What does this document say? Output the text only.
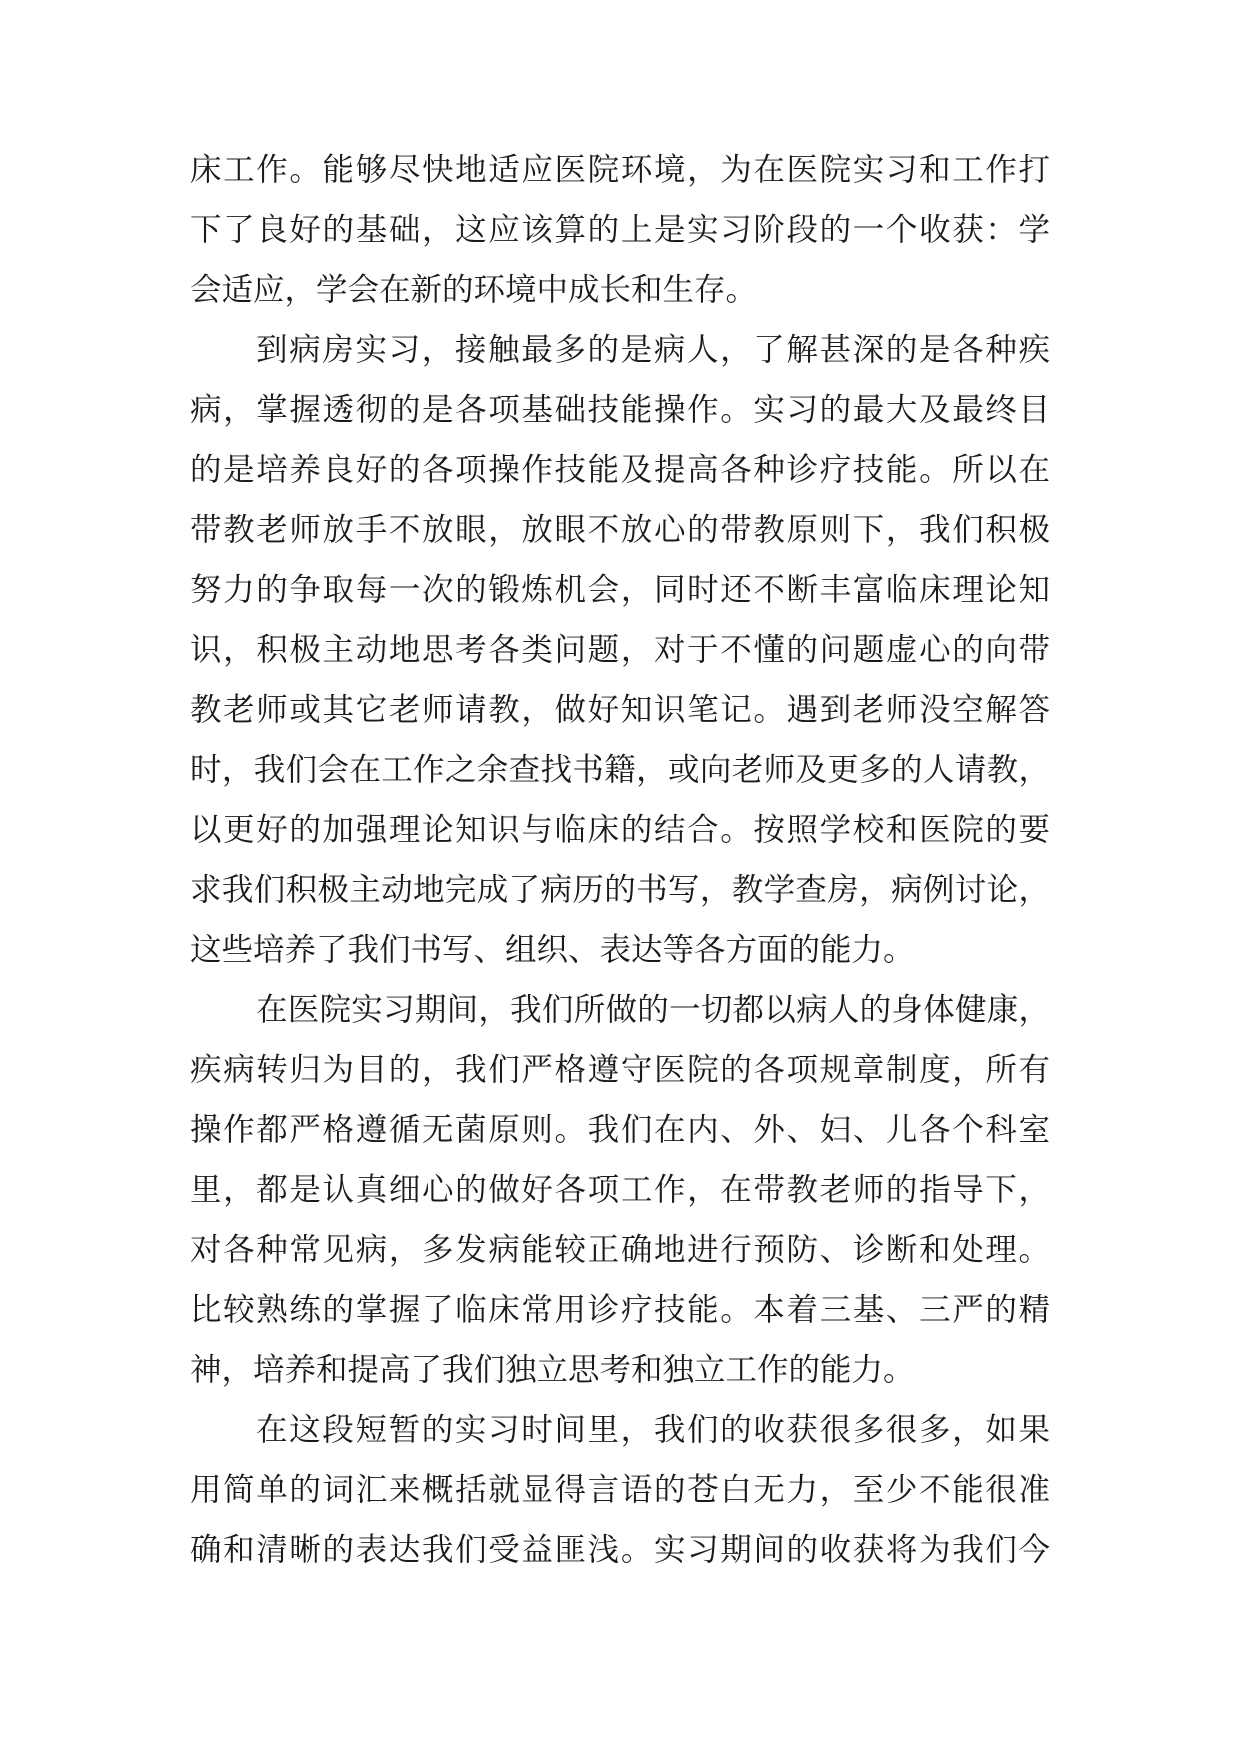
床工作。能够尽快地适应医院环境，为在医院实习和工作打
下了良好的基础，这应该算的上是实习阶段的一个收获：学
会适应，学会在新的环境中成长和生存。
到病房实习，接触最多的是病人，了解甚深的是各种疾
病，掌握透彻的是各项基础技能操作。实习的最大及最终目
的是培养良好的各项操作技能及提高各种诊疗技能。所以在
带教老师放手不放眼，放眼不放心的带教原则下，我们积极
努力的争取每一次的锻炼机会，同时还不断丰富临床理论知
识，积极主动地思考各类问题，对于不懂的问题虚心的向带
教老师或其它老师请教，做好知识笔记。遇到老师没空解答
时，我们会在工作之余查找书籍，或向老师及更多的人请教，
以更好的加强理论知识与临床的结合。按照学校和医院的要
求我们积极主动地完成了病历的书写，教学查房，病例讨论，
这些培养了我们书写、组织、表达等各方面的能力。
在医院实习期间，我们所做的一切都以病人的身体健康，
疾病转归为目的，我们严格遵守医院的各项规章制度，所有
操作都严格遵循无菌原则。我们在内、外、妇、儿各个科室
里，都是认真细心的做好各项工作，在带教老师的指导下，
对各种常见病，多发病能较正确地进行预防、诊断和处理。
比较熟练的掌握了临床常用诊疗技能。本着三基、三严的精
神，培养和提高了我们独立思考和独立工作的能力。
在这段短暂的实习时间里，我们的收获很多很多，如果
用简单的词汇来概括就显得言语的苍白无力，至少不能很准
确和清晰的表达我们受益匪浅。实习期间的收获将为我们今
